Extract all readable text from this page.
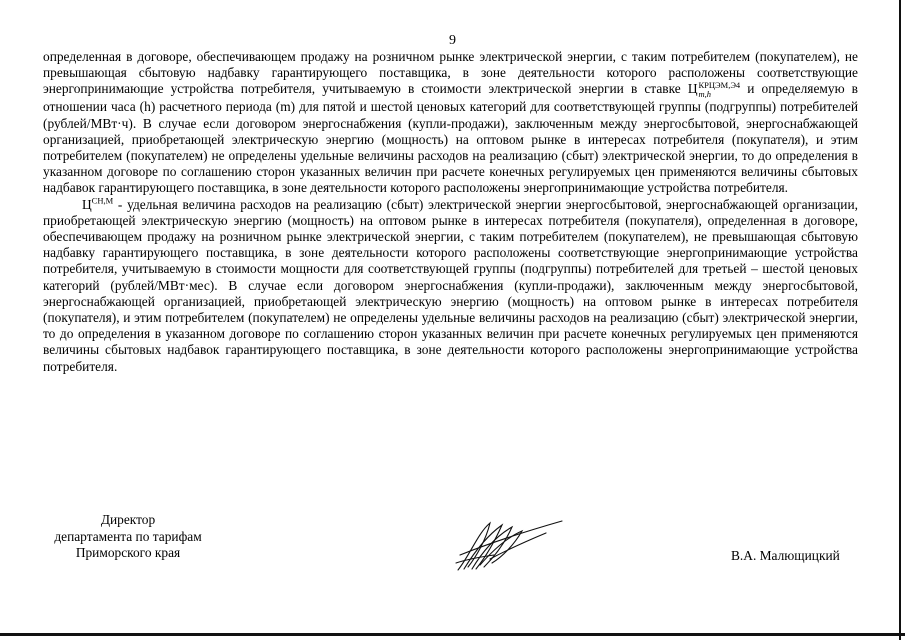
9

определенная в договоре, обеспечивающем продажу на розничном рынке электрической энергии, с таким потребителем (покупателем), не превышающая сбытовую надбавку гарантирующего поставщика, в зоне деятельности которого расположены соответствующие энергопринимающие устройства потребителя, учитываемую в стоимости электрической энергии в ставке Ц КРЦЭМ,Э4
m,h	и определяемую в отношении часа (h) расчетного периода (m) для пятой и шестой ценовых категорий для соответствующей группы (подгруппы) потребителей (рублей/МВт·ч). В случае если договором энергоснабжения (купли-продажи), заключенным между энергосбытовой, энергоснабжающей организацией, приобретающей электрическую энергию (мощность) на оптовом рынке в интересах потребителя (покупателя), и этим потребителем (покупателем) не определены удельные величины расходов на реализацию (сбыт) электрической энергии, то до определения в указанном договоре по соглашению сторон указанных величин при расчете конечных регулируемых цен применяются величины сбытовых надбавок гарантирующего поставщика, в зоне деятельности которого расположены энергопринимающие устройства потребителя.

$Ц^{СН,М}$ - удельная величина расходов на реализацию (сбыт) электрической энергии энергосбытовой, энергоснабжающей организации, приобретающей электрическую энергию (мощность) на оптовом рынке в интересах потребителя (покупателя), определенная в договоре, обеспечивающем продажу на розничном рынке электрической энергии, с таким потребителем (покупателем), не превышающая сбытовую надбавку гарантирующего поставщика, в зоне деятельности которого расположены соответствующие энергопринимающие устройства потребителя, учитываемую в стоимости мощности для соответствующей группы (подгруппы) потребителей для третьей – шестой ценовых категорий (рублей/МВт·мес). В случае если договором энергоснабжения (купли-продажи), заключенным между энергосбытовой, энергоснабжающей организацией, приобретающей электрическую энергию (мощность) на оптовом рынке в интересах потребителя (покупателя), и этим потребителем (покупателем) не определены удельные величины расходов на реализацию (сбыт) электрической энергии, то до определения в указанном договоре по соглашению сторон указанных величин при расчете конечных регулируемых цен применяются величины сбытовых надбавок гарантирующего поставщика, в зоне деятельности которого расположены энергопринимающие устройства потребителя.

Директор
департамента по тарифам
Приморского края	В.А. Малющицкий
